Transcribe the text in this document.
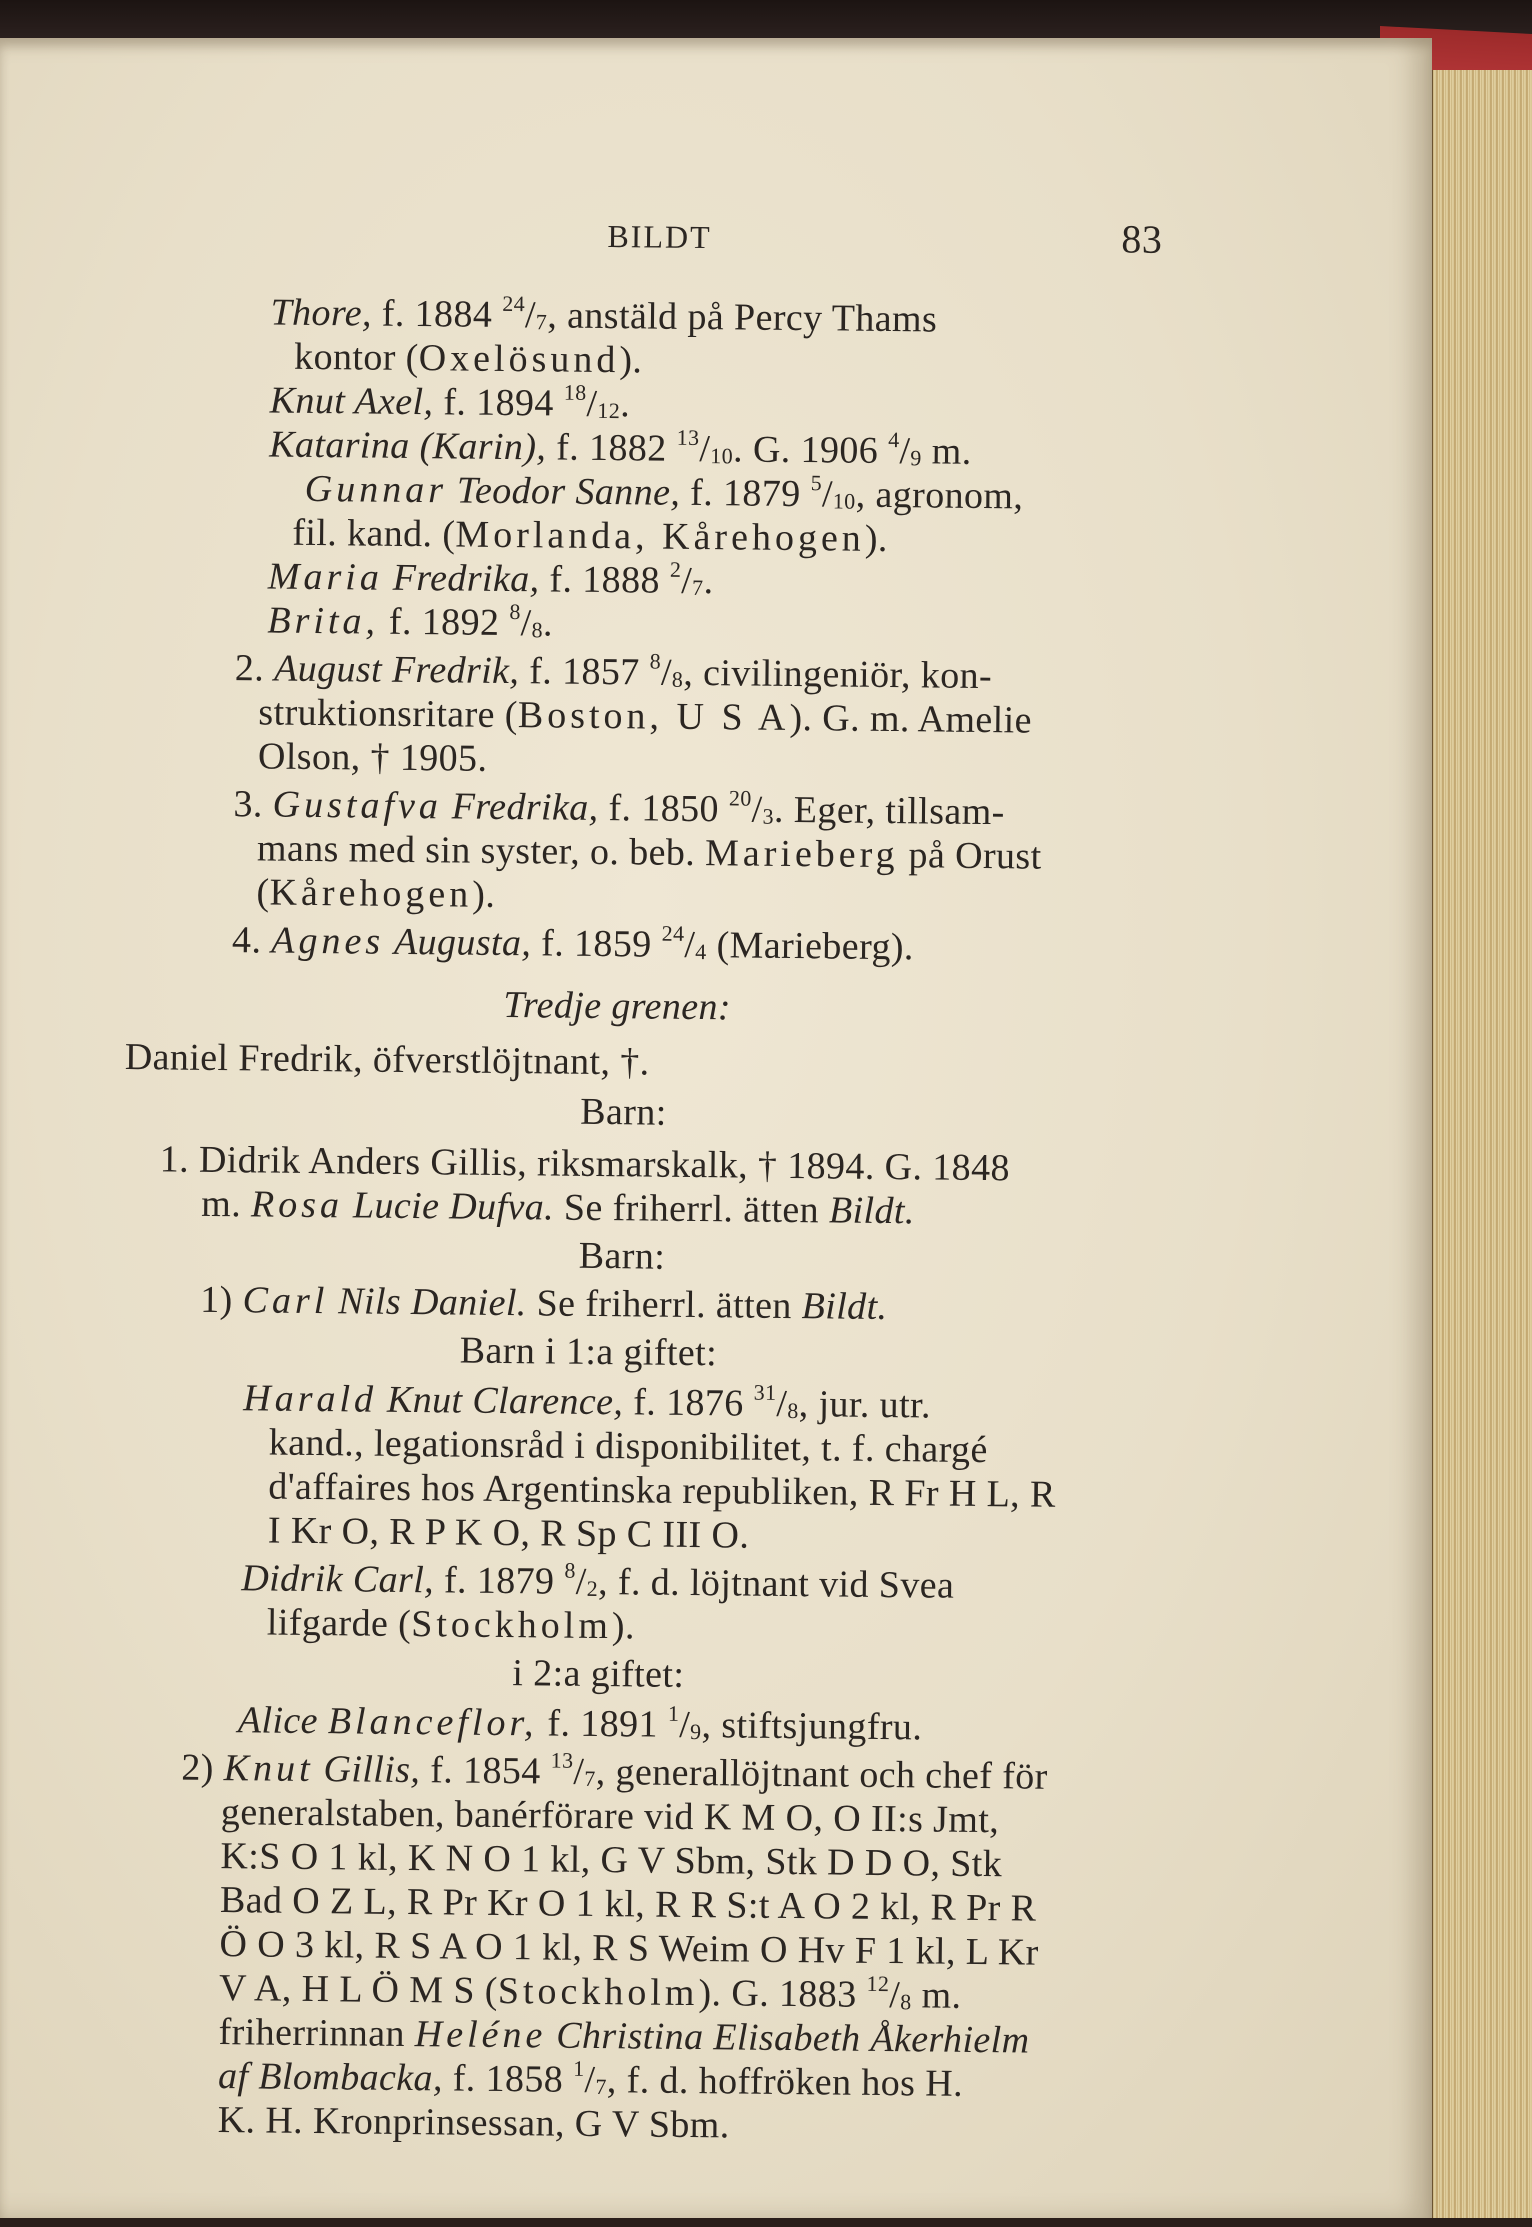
BILDT	83
Thore, f. 1884 $^{24}/_7$, anstäld på Percy Thams
kontor (Oxelösund).
Knut Axel, f. 1894 $^{18}/_{12}$.
Katarina (Karin), f. 1882 $^{13}/_{10}$. G. 1906 $^4/_9$ m.
Gunnar Teodor Sanne, f. 1879 $^5/_{10}$, agronom,
fil. kand. (Morlanda, Kårehogen).
Maria Fredrika, f. 1888 $^2/_7$.
Brita, f. 1892 $^8/_8$.
2. August Fredrik, f. 1857 $^8/_8$, civilingeniör, kon-
struktionsritare (Boston, U S A). G. m. Amelie
Olson, † 1905.
3. Gustafva Fredrika, f. 1850 $^{20}/_3$. Eger, tillsam-
mans med sin syster, o. beb. Marieberg på Orust
(Kårehogen).
4. Agnes Augusta, f. 1859 $^{24}/_4$ (Marieberg).
Tredje grenen:
Daniel Fredrik, öfverstlöjtnant, †.
Barn:
1. Didrik Anders Gillis, riksmarskalk, † 1894. G. 1848
m. Rosa Lucie Dufva. Se friherrl. ätten Bildt.
Barn:
1) Carl Nils Daniel. Se friherrl. ätten Bildt.
Barn i 1:a giftet:
Harald Knut Clarence, f. 1876 $^{31}/_8$, jur. utr.
kand., legationsråd i disponibilitet, t. f. chargé
d'affaires hos Argentinska republiken, R Fr H L, R
I Kr O, R P K O, R Sp C III O.
Didrik Carl, f. 1879 $^8/_2$, f. d. löjtnant vid Svea
lifgarde (Stockholm).
i 2:a giftet:
Alice Blanceflor, f. 1891 $^1/_9$, stiftsjungfru.
2) Knut Gillis, f. 1854 $^{13}/_7$, generallöjtnant och chef för
generalstaben, banérförare vid K M O, O II:s Jmt,
K:S O 1 kl, K N O 1 kl, G V Sbm, Stk D D O, Stk
Bad O Z L, R Pr Kr O 1 kl, R R S:t A O 2 kl, R Pr R
Ö O 3 kl, R S A O 1 kl, R S Weim O Hv F 1 kl, L Kr
V A, H L Ö M S (Stockholm). G. 1883 $^{12}/_8$ m.
friherrinnan Heléne Christina Elisabeth Åkerhielm
af Blombacka, f. 1858 $^1/_7$, f. d. hoffröken hos H.
K. H. Kronprinsessan, G V Sbm.
